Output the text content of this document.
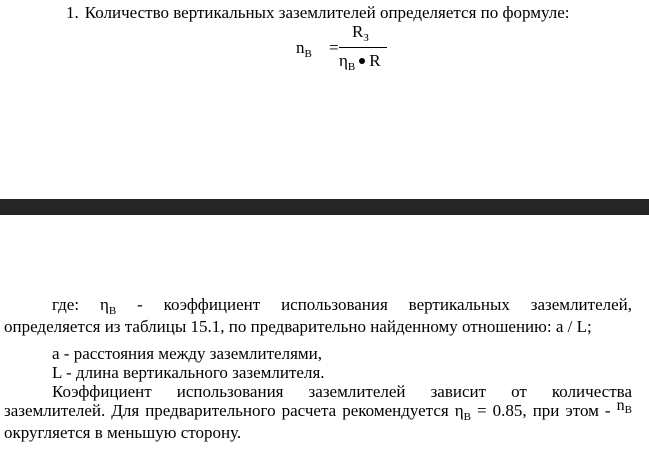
1. Количество вертикальных заземлителей определяется по формуле:
$n_В$ =
$R_З$
$\eta_В$ R

где: $\eta_В$ - коэффициент использования вертикальных заземлителей, определяется из таблицы 15.1, по предварительно найденному отношению: а / L;

а - расстояния между заземлителями,

L - длина вертикального заземлителя.

Коэффициент использования заземлителей зависит от количества заземлителей. Для предварительного расчета рекомендуется $\eta_В = 0.85$, при этом - nВ округляется в меньшую сторону.
